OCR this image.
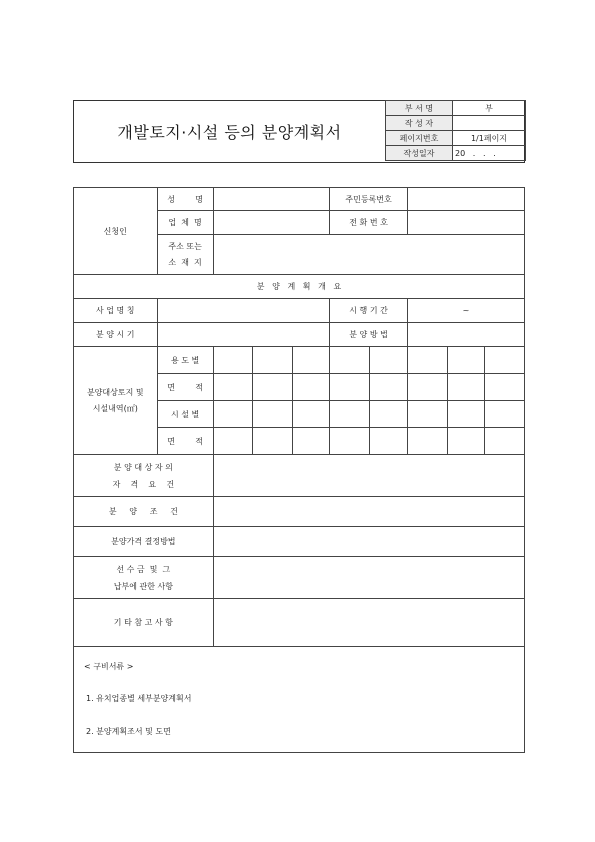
개발토지·시설 등의 분양계획서
부 서 명	부
작 성 자	
페이지번호	1/1페이지
작성일자	20   .   .   .
신청인	성        명				주민등록번호				
	업  체  명				전 화 번 호				

	주소 또는
소  재  지								

분   양   계   획   개   요									
사 업 명 칭					시 행 기 간		~		
분 양 시 기					분 양 방 법				

분양대상토지 및
시설내역(㎡)	용 도 별								
	면        적								
	시 설 별								
	면        적								

분 양 대 상 자 의
자    격    요    건									

분     양     조     건									
분양가격 결정방법									

선 수 금  및  그
납부에 관한 사항									

기 타 참 고 사 항									

< 구비서류 >
1. 유치업종별 세부분양계획서
2. 분양계획조서 및 도면									
